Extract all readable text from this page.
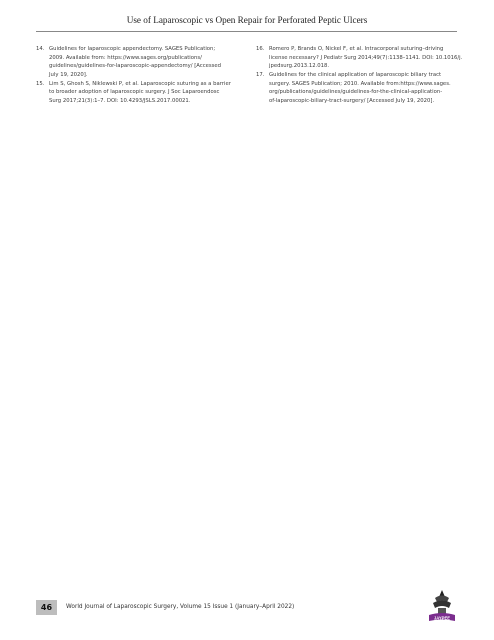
Use of Laparoscopic vs Open Repair for Perforated Peptic Ulcers
14. Guidelines for laparoscopic appendectomy. SAGES Publication;
2009. Available from: https://www.sages.org/publications/
guidelines/guidelines-for-laparoscopic-appendectomy/ [Accessed
July 19, 2020].
15. Lim S, Ghosh S, Niklewski P, et al. Laparoscopic suturing as a barrier
to broader adoption of laparoscopic surgery. J Soc Laparoendosc
Surg 2017;21(3):1–7. DOI: 10.4293/JSLS.2017.00021.
16. Romero P, Brands O, Nickel F, et al. Intracorporal suturing–driving
license necessary? J Pediatr Surg 2014;49(7):1138–1141. DOI: 10.1016/j.
jpedsurg.2013.12.018.
17. Guidelines for the clinical application of laparoscopic biliary tract
surgery. SAGES Publication; 2010. Available from:https://www.sages.
org/publications/guidelines/guidelines-for-the-clinical-application-
of-laparoscopic-biliary-tract-surgery/ [Accessed July 19, 2020].
46	World Journal of Laparoscopic Surgery, Volume 15 Issue 1 (January–April 2022)
JAYPEE
